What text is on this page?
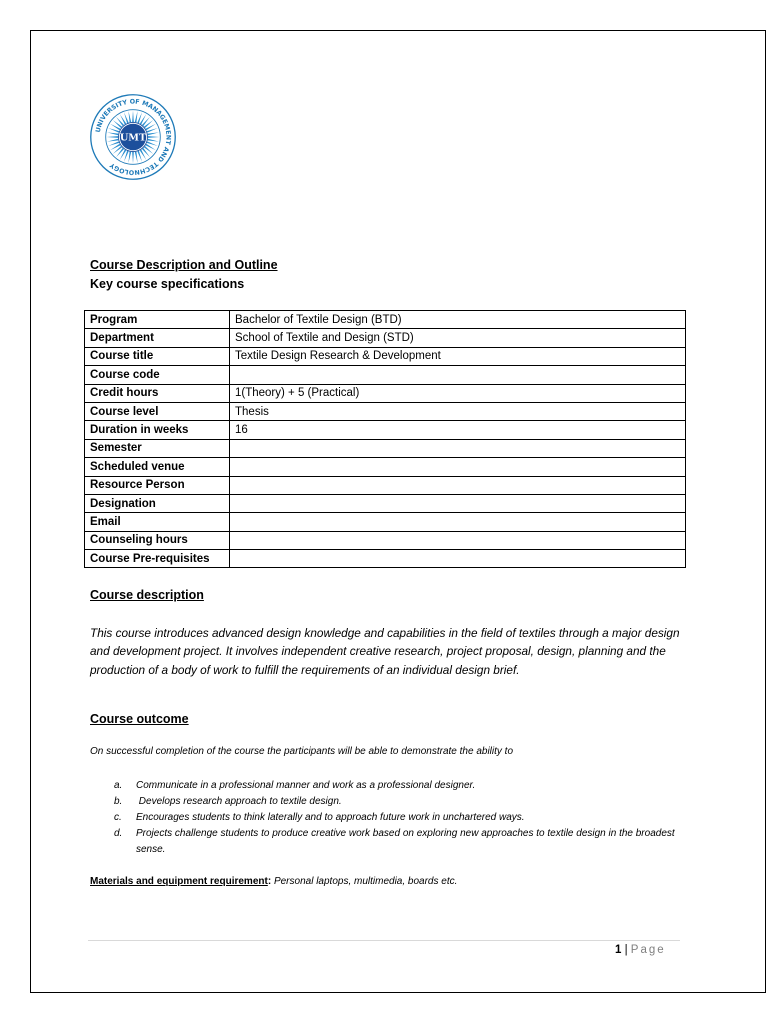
UNIVERSITY OF MANAGEMENT AND TECHNOLOGY
UMT
Course Description and Outline
Key course specifications
Program	Bachelor of Textile Design (BTD)
Department	School of Textile and Design (STD)
Course title	Textile Design Research & Development
Course code	
Credit hours	1(Theory) + 5 (Practical)
Course level	Thesis
Duration in weeks	16
Semester	
Scheduled venue	
Resource Person	
Designation	
Email	
Counseling hours	
Course Pre-requisites	
Course description

This course introduces advanced design knowledge and capabilities in the field of textiles through a major design and development project. It involves independent creative research, project proposal, design, planning and the production of a body of work to fulfill the requirements of an individual design brief.

Course outcome

On successful completion of the course the participants will be able to demonstrate the ability to

a.	Communicate in a professional manner and work as a professional designer.
b.	Develops research approach to textile design.
c.	Encourages students to think laterally and to approach future work in unchartered ways.
d.	Projects challenge students to produce creative work based on exploring new approaches to textile design in the broadest sense.

Materials and equipment requirement: Personal laptops, multimedia, boards etc.

1 | Page
